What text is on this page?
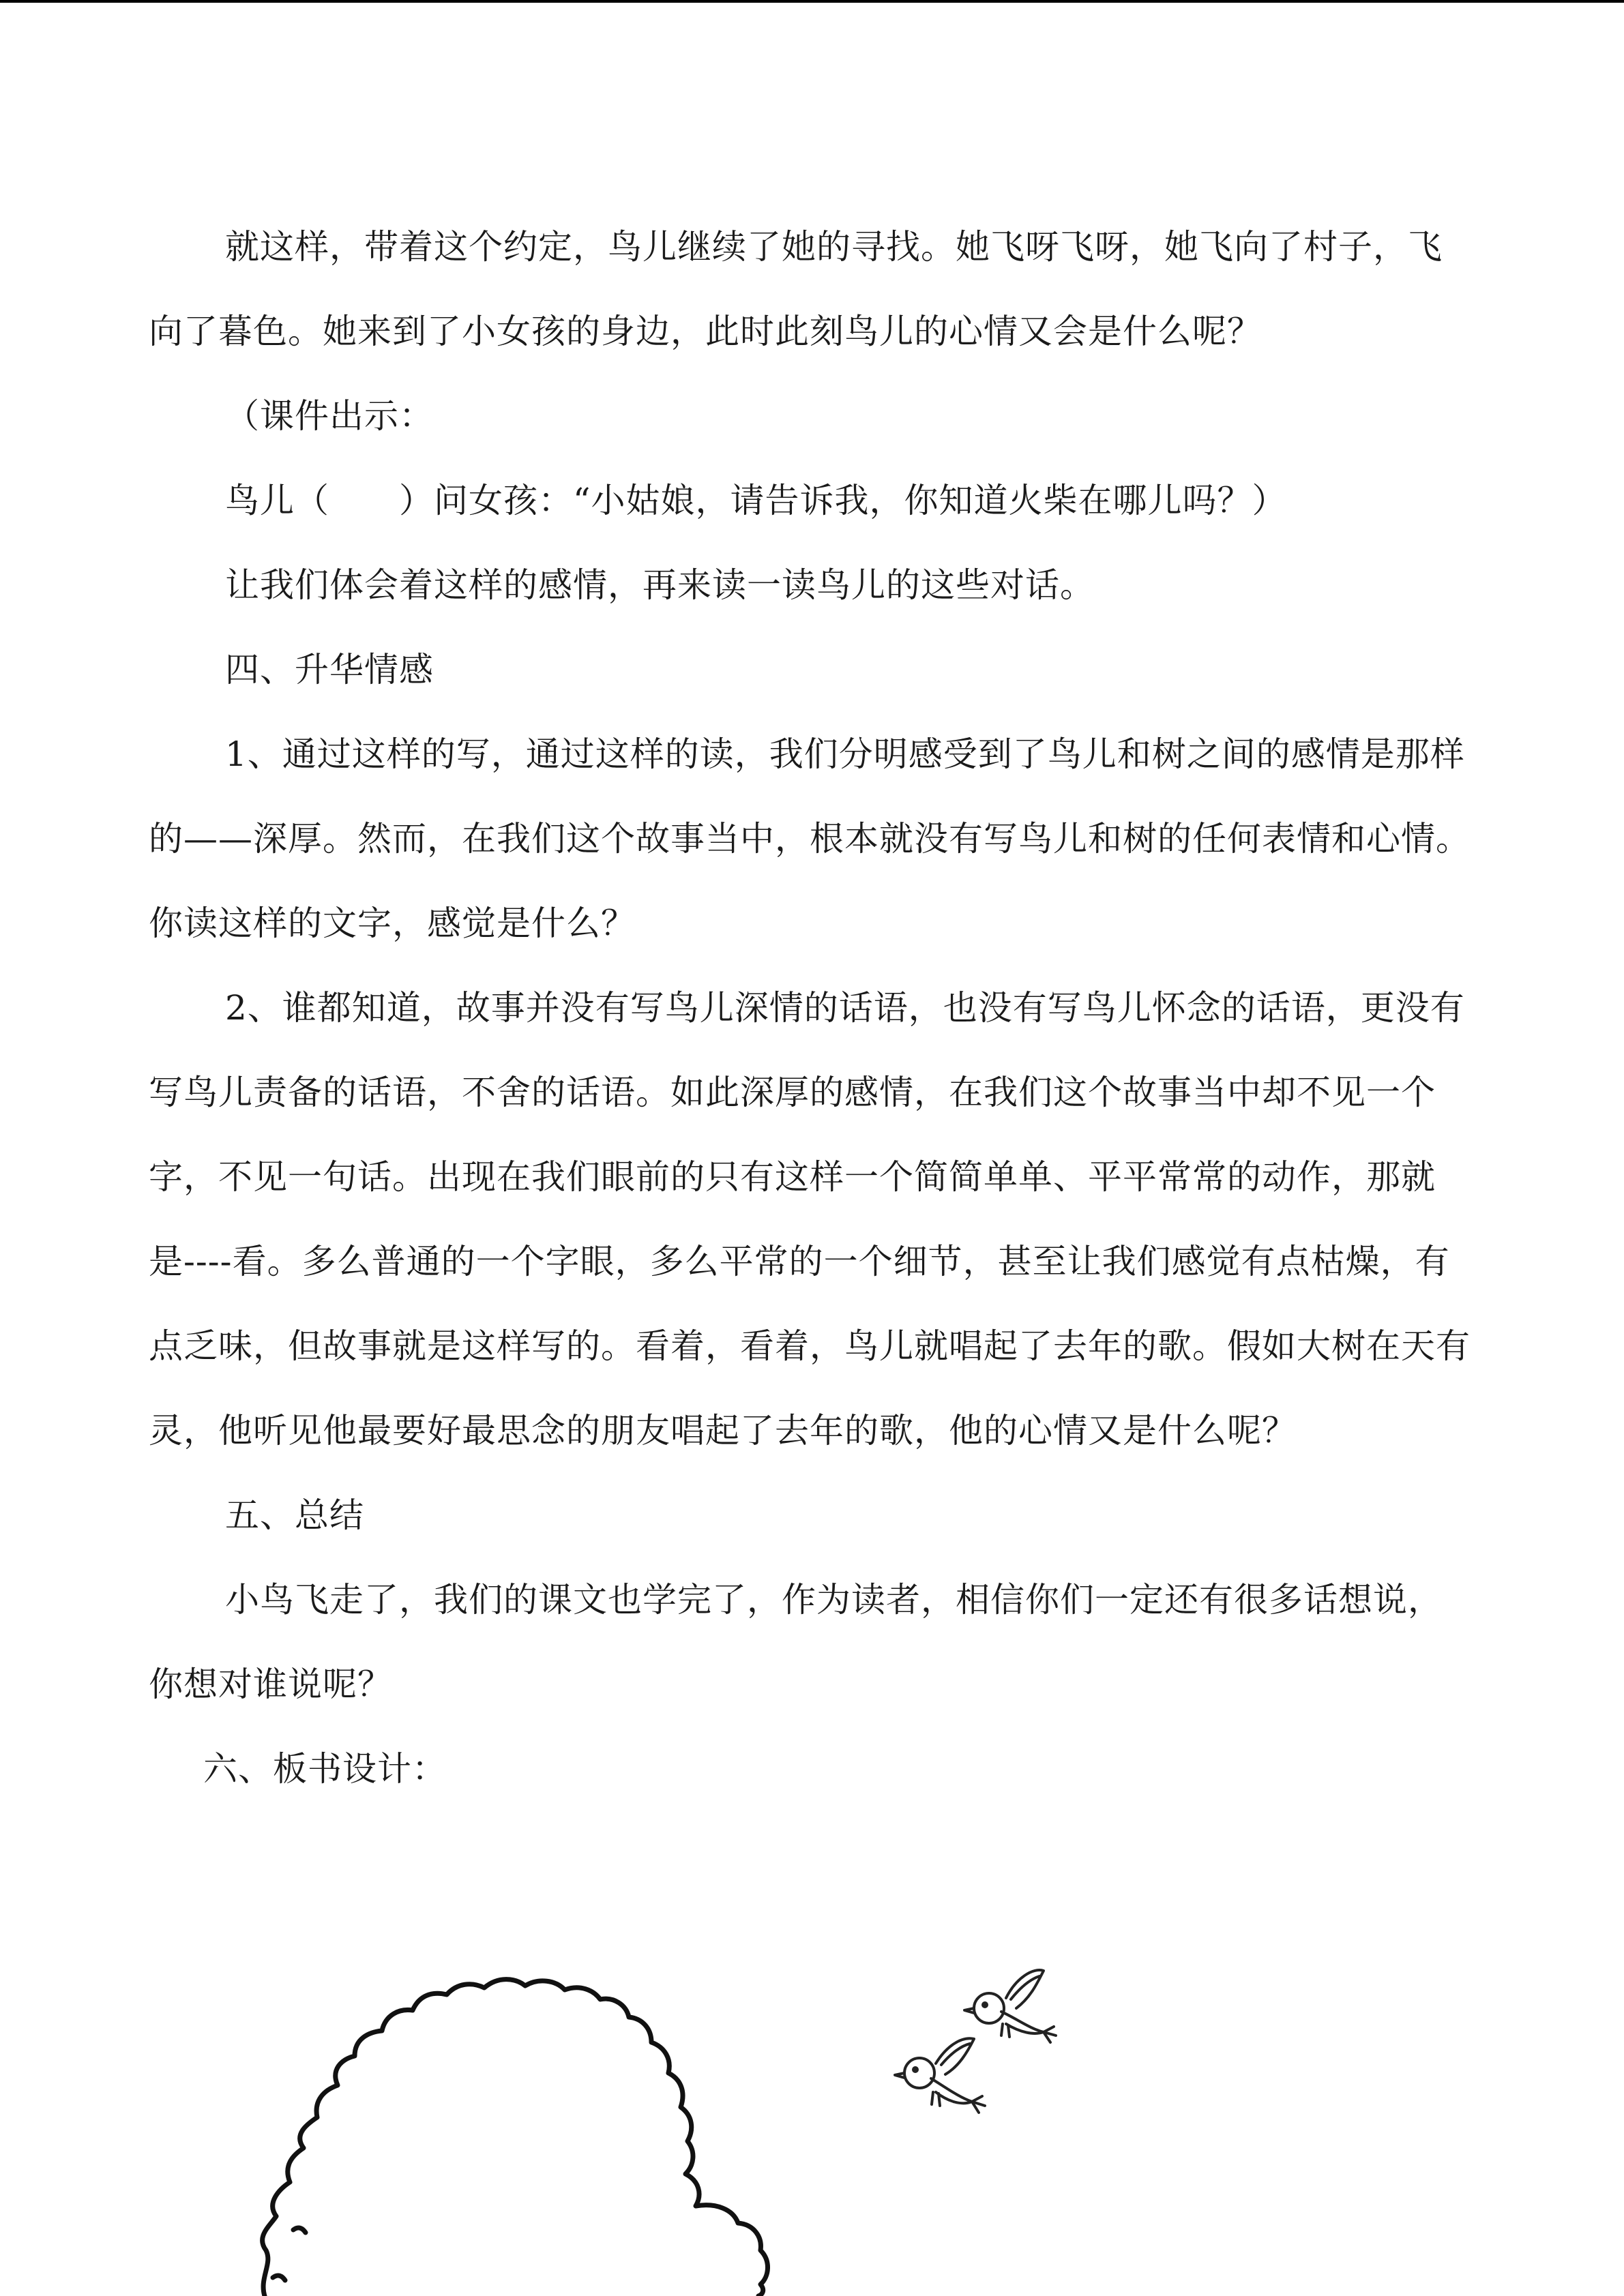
就这样，带着这个约定，鸟儿继续了她的寻找。她飞呀飞呀，她飞向了村子，飞向了暮色。她来到了小女孩的身边，此时此刻鸟儿的心情又会是什么呢？

（课件出示：

鸟儿（　　）问女孩：“小姑娘，请告诉我，你知道火柴在哪儿吗？）

让我们体会着这样的感情，再来读一读鸟儿的这些对话。

四、升华情感

1、通过这样的写，通过这样的读，我们分明感受到了鸟儿和树之间的感情是那样的——深厚。然而，在我们这个故事当中，根本就没有写鸟儿和树的任何表情和心情。你读这样的文字，感觉是什么？

2、谁都知道，故事并没有写鸟儿深情的话语，也没有写鸟儿怀念的话语，更没有写鸟儿责备的话语，不舍的话语。如此深厚的感情，在我们这个故事当中却不见一个字，不见一句话。出现在我们眼前的只有这样一个简简单单、平平常常的动作，那就是----看。多么普通的一个字眼，多么平常的一个细节，甚至让我们感觉有点枯燥，有点乏味，但故事就是这样写的。看着，看着，鸟儿就唱起了去年的歌。假如大树在天有灵，他听见他最要好最思念的朋友唱起了去年的歌，他的心情又是什么呢？

五、总结

小鸟飞走了，我们的课文也学完了，作为读者，相信你们一定还有很多话想说，你想对谁说呢？

六、板书设计：
